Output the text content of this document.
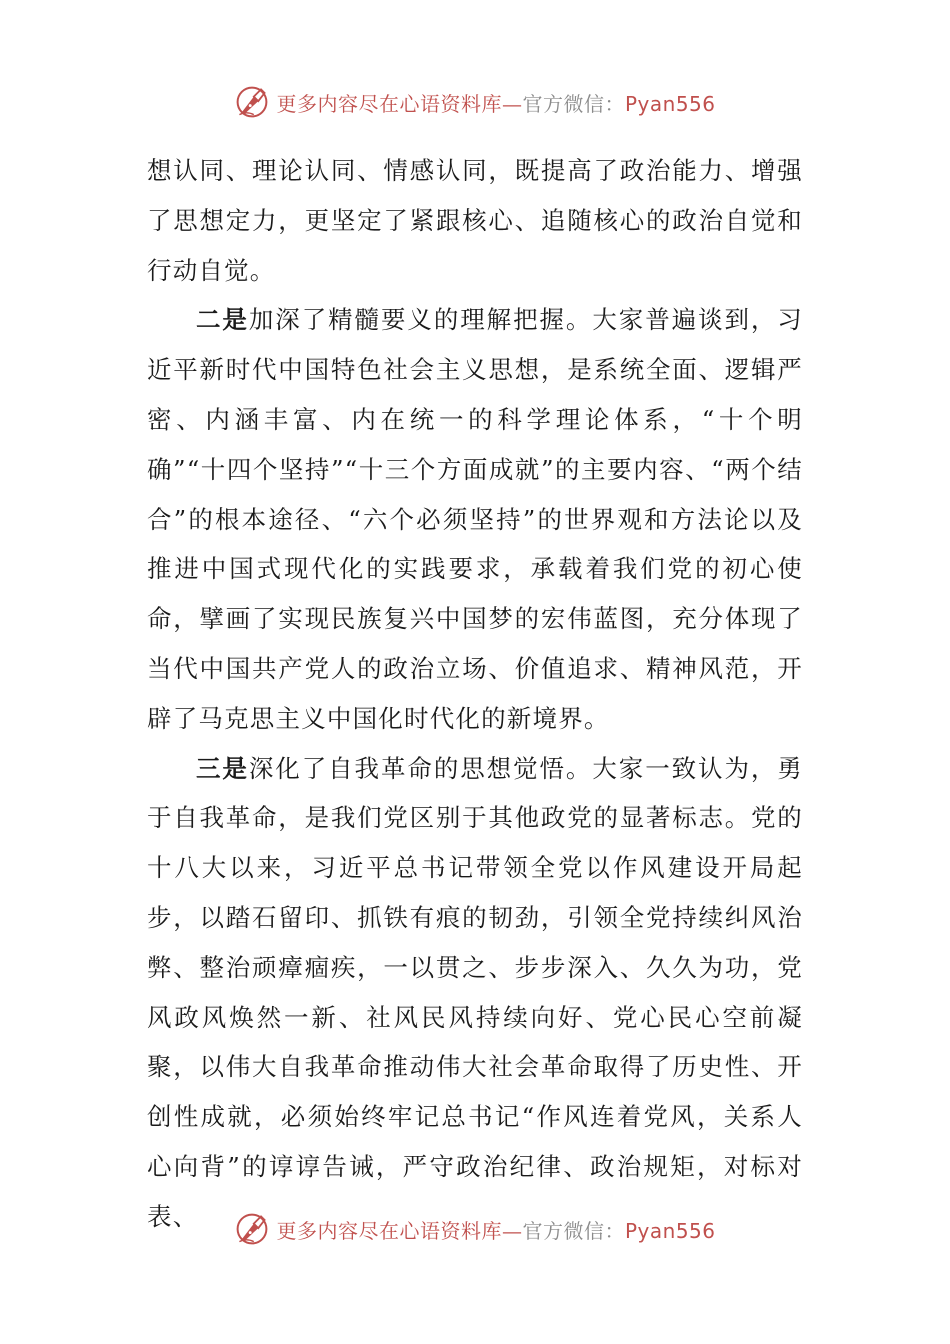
更多内容尽在心语资料库—官方微信：Pyan556

想认同、理论认同、情感认同，既提高了政治能力、增强了思想定力，更坚定了紧跟核心、追随核心的政治自觉和行动自觉。

二是加深了精髓要义的理解把握。大家普遍谈到，习近平新时代中国特色社会主义思想，是系统全面、逻辑严密、内涵丰富、内在统一的科学理论体系，“十个明确”“十四个坚持”“十三个方面成就”的主要内容、“两个结合”的根本途径、“六个必须坚持”的世界观和方法论以及推进中国式现代化的实践要求，承载着我们党的初心使命，擘画了实现民族复兴中国梦的宏伟蓝图，充分体现了当代中国共产党人的政治立场、价值追求、精神风范，开辟了马克思主义中国化时代化的新境界。

三是深化了自我革命的思想觉悟。大家一致认为，勇于自我革命，是我们党区别于其他政党的显著标志。党的十八大以来，习近平总书记带领全党以作风建设开局起步，以踏石留印、抓铁有痕的韧劲，引领全党持续纠风治弊、整治顽瘴痼疾，一以贯之、步步深入、久久为功，党风政风焕然一新、社风民风持续向好、党心民心空前凝聚，以伟大自我革命推动伟大社会革命取得了历史性、开创性成就，必须始终牢记总书记“作风连着党风，关系人心向背”的谆谆告诫，严守政治纪律、政治规矩，对标对表、	更多内容尽在心语资料库—官方微信：Pyan556
